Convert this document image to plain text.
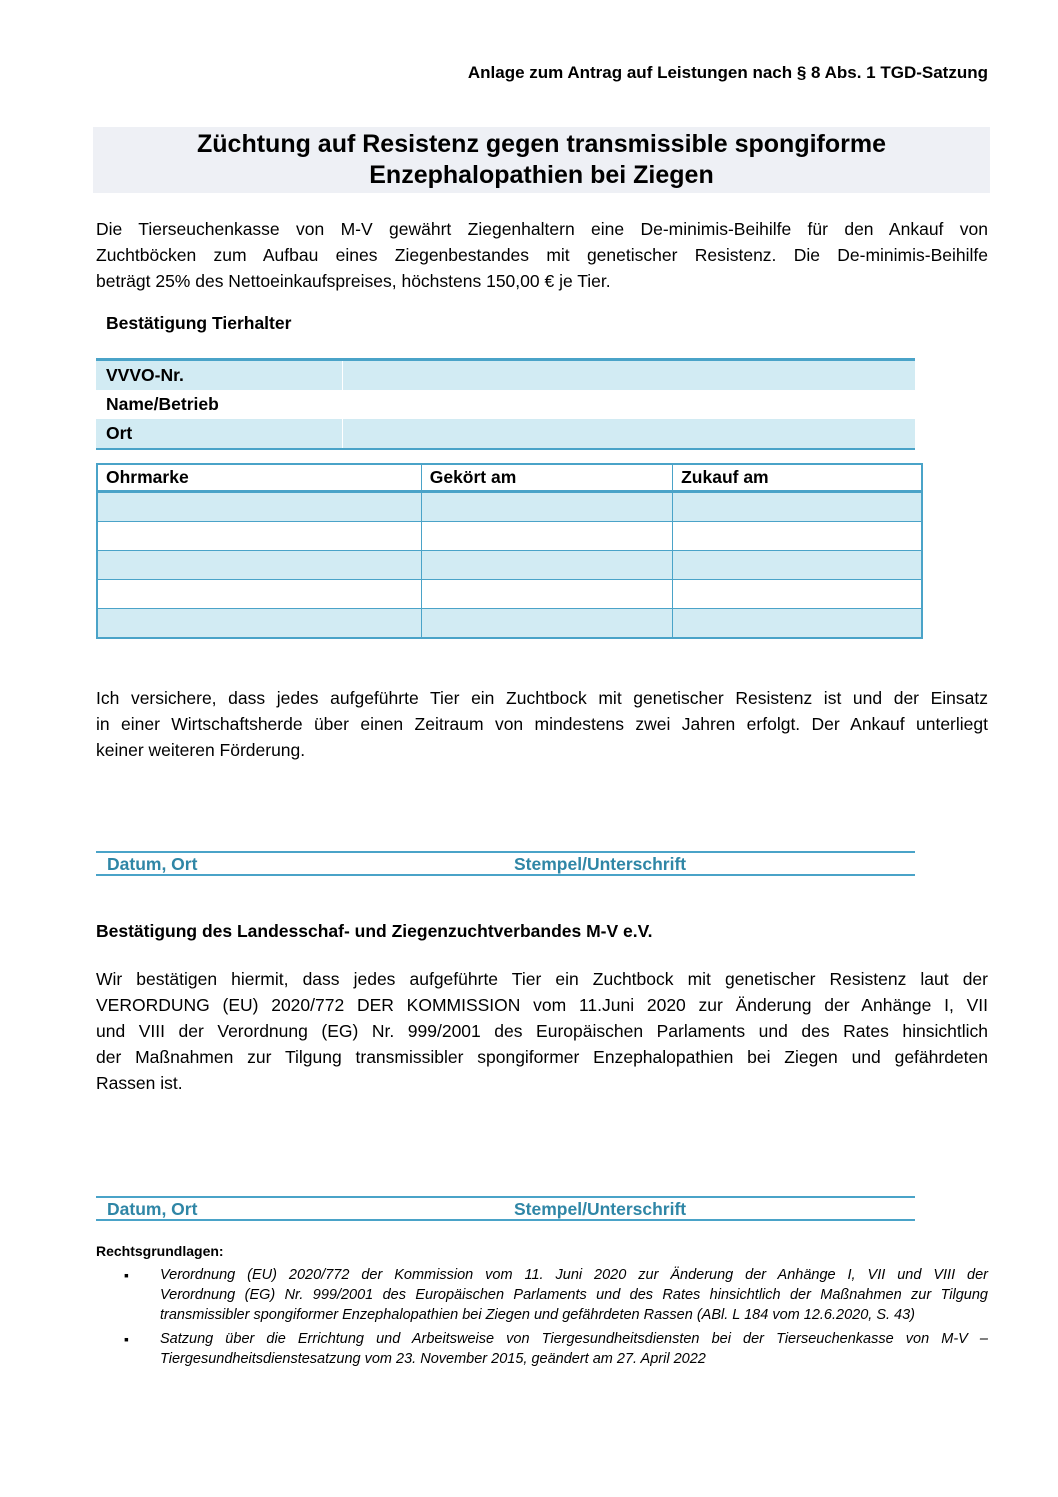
Anlage zum Antrag auf Leistungen nach § 8 Abs. 1 TGD-Satzung
Züchtung auf Resistenz gegen transmissible spongiforme
Enzephalopathien bei Ziegen
Die Tierseuchenkasse von M-V gewährt Ziegenhaltern eine De-minimis-Beihilfe für den Ankauf von
Zuchtböcken zum Aufbau eines Ziegenbestandes mit genetischer Resistenz. Die De-minimis-Beihilfe
beträgt 25% des Nettoeinkaufspreises, höchstens 150,00 € je Tier.
Bestätigung Tierhalter
VVVO-Nr.
Name/Betrieb
Ort
Ohrmarke	Gekört am	Zukauf am

Ich versichere, dass jedes aufgeführte Tier ein Zuchtbock mit genetischer Resistenz ist und der Einsatz
in einer Wirtschaftsherde über einen Zeitraum von mindestens zwei Jahren erfolgt. Der Ankauf unterliegt
keiner weiteren Förderung.
Datum, Ort	Stempel/Unterschrift
Bestätigung des Landesschaf- und Ziegenzuchtverbandes M-V e.V.
Wir bestätigen hiermit, dass jedes aufgeführte Tier ein Zuchtbock mit genetischer Resistenz laut der
VERORDUNG (EU) 2020/772 DER KOMMISSION vom 11.Juni 2020 zur Änderung der Anhänge I, VII
und VIII der Verordnung (EG) Nr. 999/2001 des Europäischen Parlaments und des Rates hinsichtlich
der Maßnahmen zur Tilgung transmissibler spongiformer Enzephalopathien bei Ziegen und gefährdeten
Rassen ist.
Datum, Ort	Stempel/Unterschrift
Rechtsgrundlagen:
▪ Verordnung (EU) 2020/772 der Kommission vom 11. Juni 2020 zur Änderung der Anhänge I, VII und VIII der
Verordnung (EG) Nr. 999/2001 des Europäischen Parlaments und des Rates hinsichtlich der Maßnahmen zur Tilgung
transmissibler spongiformer Enzephalopathien bei Ziegen und gefährdeten Rassen (ABl. L 184 vom 12.6.2020, S. 43)
▪ Satzung über die Errichtung und Arbeitsweise von Tiergesundheitsdiensten bei der Tierseuchenkasse von M-V –
Tiergesundheitsdienstesatzung vom 23. November 2015, geändert am 27. April 2022
